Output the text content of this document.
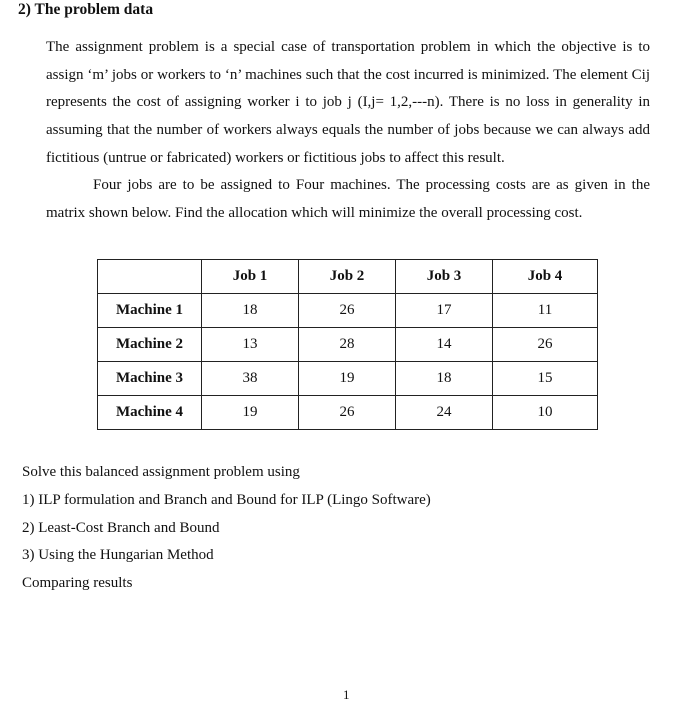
2) The problem data

The assignment problem is a special case of transportation problem in which the objective is to assign ‘m’ jobs or workers to ‘n’ machines such that the cost incurred is minimized. The element Cij represents the cost of assigning worker i to job j (I,j= 1,2,---n). There is no loss in generality in assuming that the number of workers always equals the number of jobs because we can always add fictitious (untrue or fabricated) workers or fictitious jobs to affect this result.

Four jobs are to be assigned to Four machines. The processing costs are as given in the matrix shown below. Find the allocation which will minimize the overall processing cost.

	Job 1	Job 2	Job 3	Job 4
Machine 1	18	26	17	11
Machine 2	13	28	14	26
Machine 3	38	19	18	15
Machine 4	19	26	24	10
Solve this balanced assignment problem using
1) ILP formulation and Branch and Bound for ILP (Lingo Software)
2) Least-Cost Branch and Bound
3) Using the Hungarian Method
Comparing results
1
